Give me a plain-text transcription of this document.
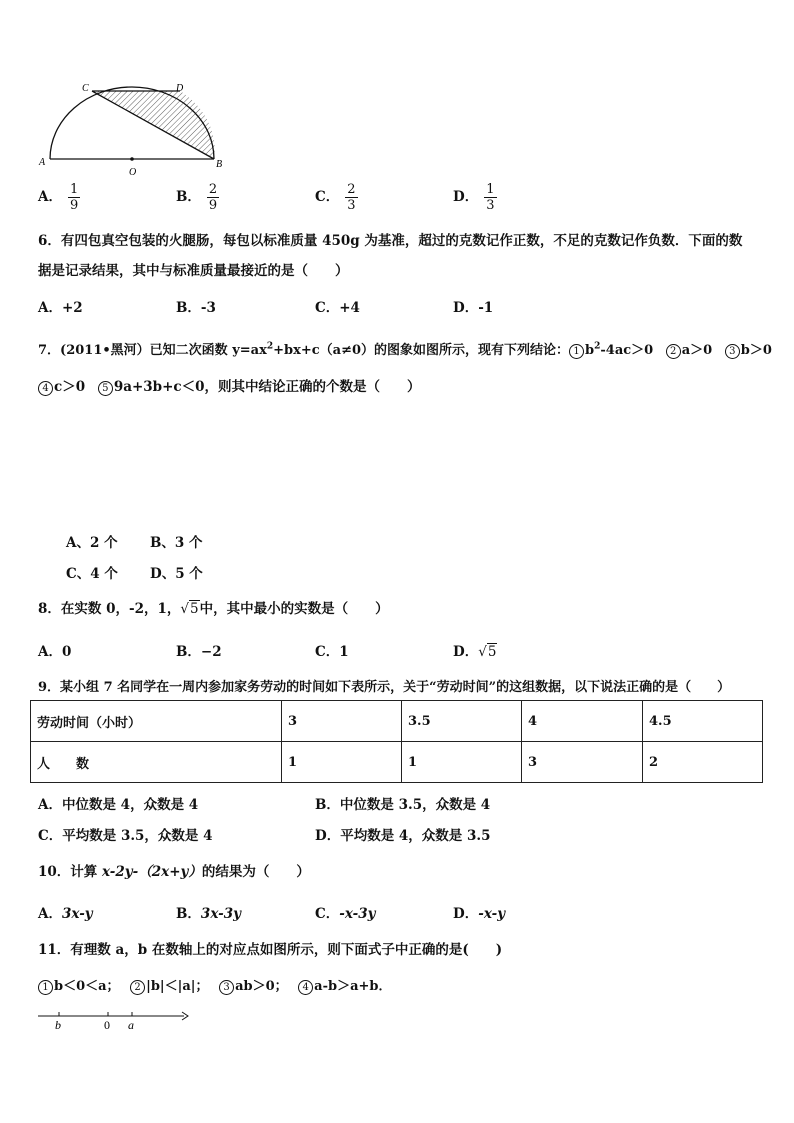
C	D
A
O
B
A． $\frac{1}{9}$	B． $\frac{2}{9}$	C． $\frac{2}{3}$	D． $\frac{1}{3}$
6．有四包真空包装的火腿肠，每包以标准质量 450g 为基准，超过的克数记作正数，不足的克数记作负数．下面的数
据是记录结果，其中与标准质量最接近的是（　　）
A．+2	B．-3	C．+4	D．-1
7．(2011•黑河）已知二次函数 $y=ax^2+bx+c(a\ne 0)$的图象如图所示，现有下列结论： 1 $b^2-4ac>0$ 2 a＞0 3 b＞0
4 c＞0 5 9a+3b+c＜0，则其中结论正确的个数是（　　）
A、2 个 B、3 个
C、4 个 D、5 个
8．在实数 0，-2，1，√5中，其中最小的实数是（　　）
A．0	B．−2	C．1	D．√5
9．某小组 7 名同学在一周内参加家务劳动的时间如下表所示，关于“劳动时间”的这组数据，以下说法正确的是（　　）
劳动时间（小时）	3	3.5	4	4.5
人　　数	1	1	3	2
A．中位数是 4，众数是 4	B．中位数是 3.5，众数是 4
C．平均数是 3.5，众数是 4	D．平均数是 4，众数是 3.5
10．计算 x-2y-（2x+y）的结果为（　　）
A．3x-y	B．3x-3y	C．-x-3y	D．-x-y
11．有理数 a，b 在数轴上的对应点如图所示，则下面式子中正确的是(　　)
1 b＜0＜a； 2 |b|＜|a|； 3 ab＞0； 4 a-b＞a+b．
b	0 a
